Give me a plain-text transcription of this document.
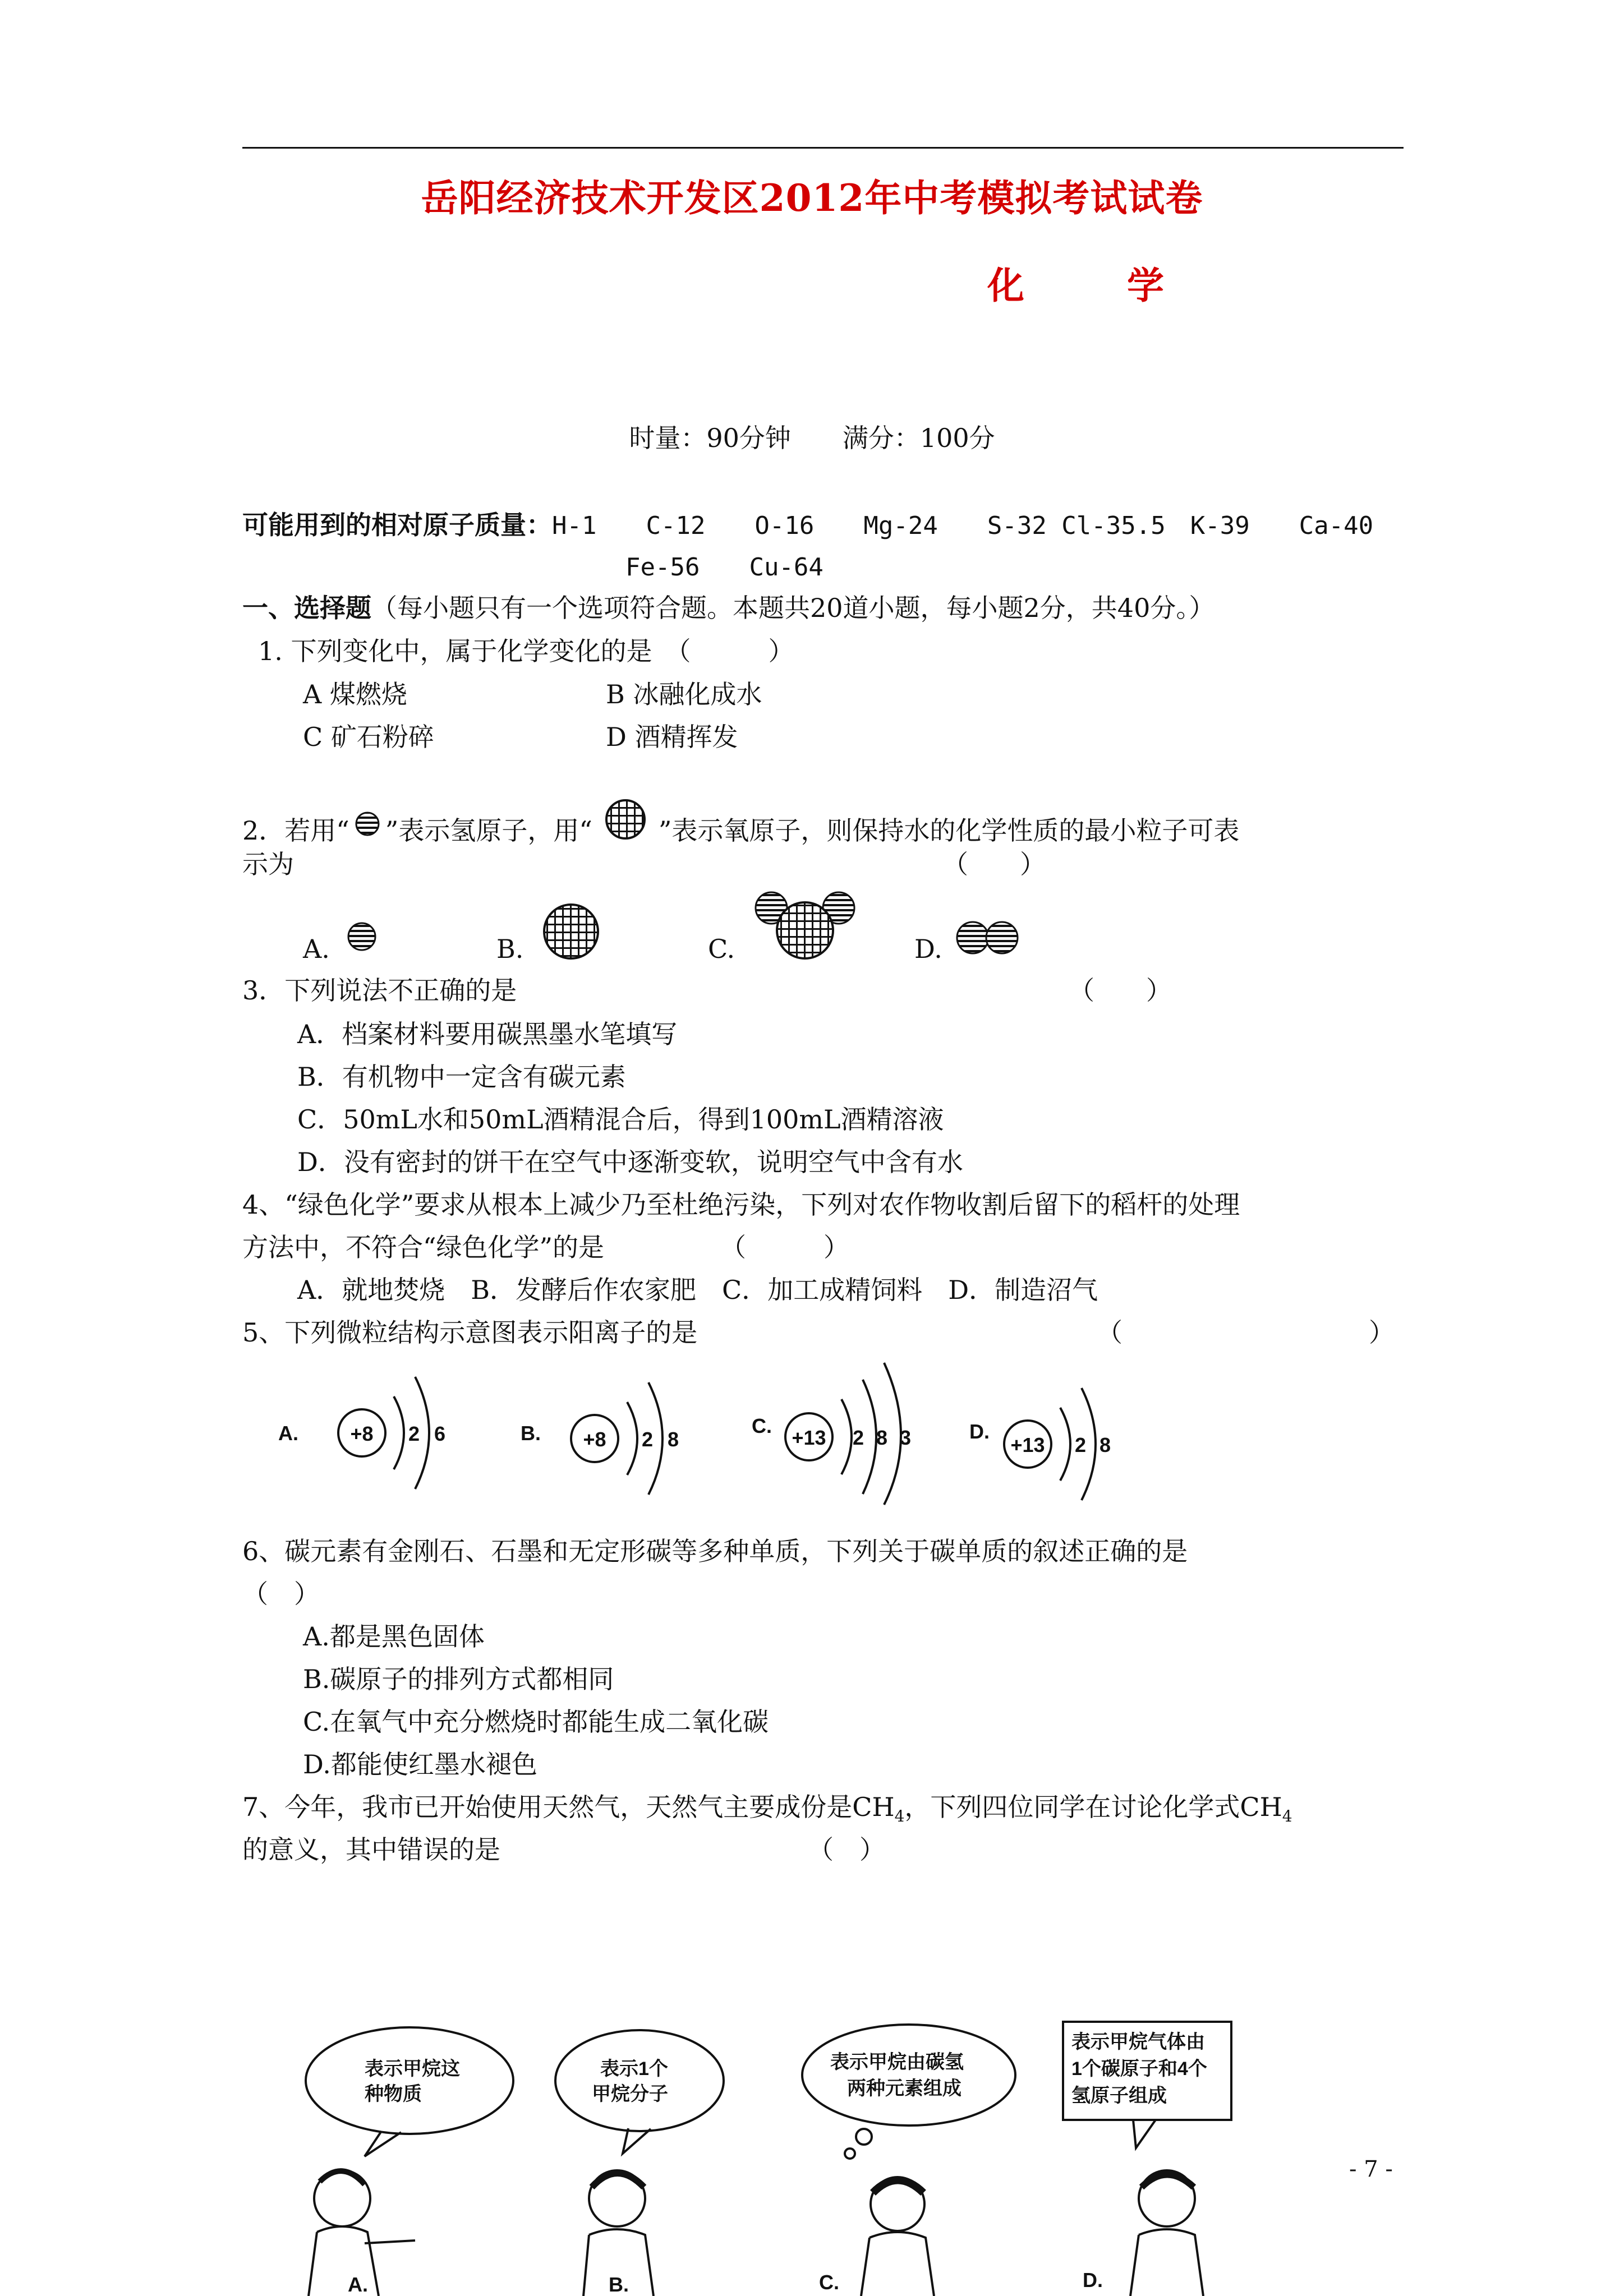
岳阳经济技术开发区2012年中考模拟考试试卷
化 学
时量：90分钟　　满分：100分
可能用到的相对原子质量：H-1　　C-12　　O-16　　Mg-24　　S-32 Cl-35.5　K-39　　Ca-40
Fe-56　　Cu-64
一、选择题（每小题只有一个选项符合题。本题共20道小题，每小题2分，共40分。）
1. 下列变化中，属于化学变化的是　（　　　）
A 煤燃烧	B 冰融化成水
C 矿石粉碎	D 酒精挥发
2．若用“ ”表示氢原子，用“	”表示氧原子，则保持水的化学性质的最小粒子可表
示为	（　　）
A.	B.	C.	D.
3．下列说法不正确的是	（　　）
A．档案材料要用碳黑墨水笔填写
B．有机物中一定含有碳元素
C．50mL水和50mL酒精混合后，得到100mL酒精溶液
D．没有密封的饼干在空气中逐渐变软，说明空气中含有水
4、“绿色化学”要求从根本上减少乃至杜绝污染，下列对农作物收割后留下的稻杆的处理
方法中，不符合“绿色化学”的是　　　　　（　　　）
A．就地焚烧　B．发酵后作农家肥　C．加工成精饲料　D．制造沼气
5、下列微粒结构示意图表示阳离子的是	（	）
A.	+8 2 6	B. +8 2 8
C.
+13 2 8 3	D.
+13 2 8
6、碳元素有金刚石、石墨和无定形碳等多种单质，下列关于碳单质的叙述正确的是
（　）
A.都是黑色固体
B.碳原子的排列方式都相同
C.在氧气中充分燃烧时都能生成二氧化碳
D.都能使红墨水褪色
7、今年，我市已开始使用天然气，天然气主要成份是$CH_4$，下列四位同学在讨论化学式$CH_4$
的意义，其中错误的是	（　）
表示甲烷这
种物质
表示1个
甲烷分子
表示甲烷由碳氢
两种元素组成
表示甲烷气体由
1个碳原子和4个
氢原子组成
A.	B.	C.	D.
- 7 -
